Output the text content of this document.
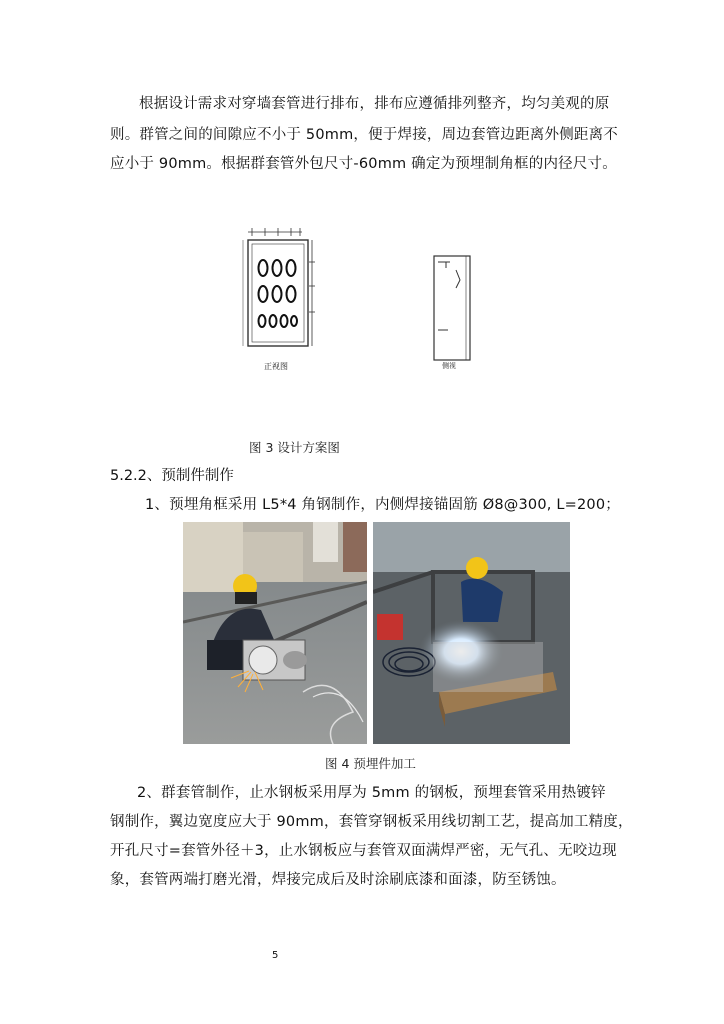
根据设计需求对穿墙套管进行排布，排布应遵循排列整齐，均匀美观的原

则。群管之间的间隙应不小于 50mm，便于焊接，周边套管边距离外侧距离不

应小于 90mm。根据群套管外包尺寸-60mm 确定为预埋制角框的内径尺寸。

正视图	侧视
图 3 设计方案图
5.2.2、预制件制作

1、预埋角框采用 L5*4 角钢制作，内侧焊接锚固筋 Ø8@300, L=200；

图 4 预埋件加工

2、群套管制作，止水钢板采用厚为 5mm 的钢板，预埋套管采用热镀锌

钢制作，翼边宽度应大于 90mm，套管穿钢板采用线切割工艺，提高加工精度，

开孔尺寸=套管外径＋3，止水钢板应与套管双面满焊严密，无气孔、无咬边现

象，套管两端打磨光滑，焊接完成后及时涂刷底漆和面漆，防至锈蚀。

5
